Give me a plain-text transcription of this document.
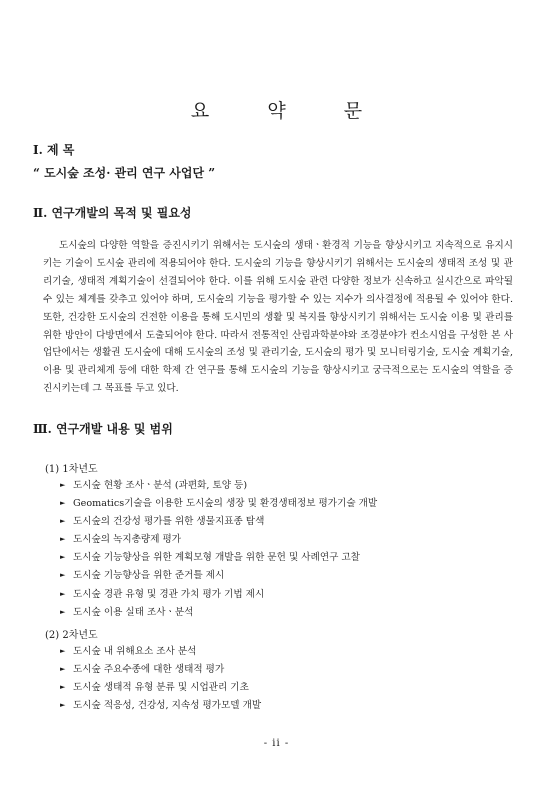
요 약 문
Ⅰ. 제 목
“ 도시숲 조성· 관리 연구 사업단 ”
Ⅱ. 연구개발의 목적 및 필요성

도시숲의 다양한 역할을 증진시키기 위해서는 도시숲의 생태ㆍ환경적 기능을 향상시키고 지속적으로 유지시키는 기술이 도시숲 관리에 적용되어야 한다. 도시숲의 기능을 향상시키기 위해서는 도시숲의 생태적 조성 및 관리기술, 생태적 계획기술이 선결되어야 한다. 이를 위해 도시숲 관련 다양한 정보가 신속하고 실시간으로 파악될 수 있는 체계를 갖추고 있어야 하며, 도시숲의 기능을 평가할 수 있는 지수가 의사결정에 적용될 수 있어야 한다. 또한, 건강한 도시숲의 건전한 이용을 통해 도시민의 생활 및 복지를 향상시키기 위해서는 도시숲 이용 및 관리를 위한 방안이 다방면에서 도출되어야 한다. 따라서 전통적인 산림과학분야와 조경분야가 컨소시엄을 구성한 본 사업단에서는 생활권 도시숲에 대해 도시숲의 조성 및 관리기술, 도시숲의 평가 및 모니터링기술, 도시숲 계획기술, 이용 및 관리체계 등에 대한 학제 간 연구를 통해 도시숲의 기능을 향상시키고 궁극적으로는 도시숲의 역할을 증진시키는데 그 목표를 두고 있다.

Ⅲ. 연구개발 내용 및 범위
(1) 1차년도
► 도시숲 현황 조사ㆍ분석 (과편화, 토양 등)
► Geomatics기술을 이용한 도시숲의 생장 및 환경생태정보 평가기술 개발
► 도시숲의 건강성 평가를 위한 생물지표종 탐색
► 도시숲의 녹지총량제 평가
► 도시숲 기능향상을 위한 계획모형 개발을 위한 문헌 및 사례연구 고찰
► 도시숲 기능향상을 위한 준거틀 제시
► 도시숲 경관 유형 및 경관 가치 평가 기법 제시
► 도시숲 이용 실태 조사ㆍ분석
(2) 2차년도
► 도시숲 내 위해요소 조사 분석
► 도시숲 주요수종에 대한 생태적 평가
► 도시숲 생태적 유형 분류 및 시업관리 기초
► 도시숲 적응성, 건강성, 지속성 평가모델 개발
- ii -
